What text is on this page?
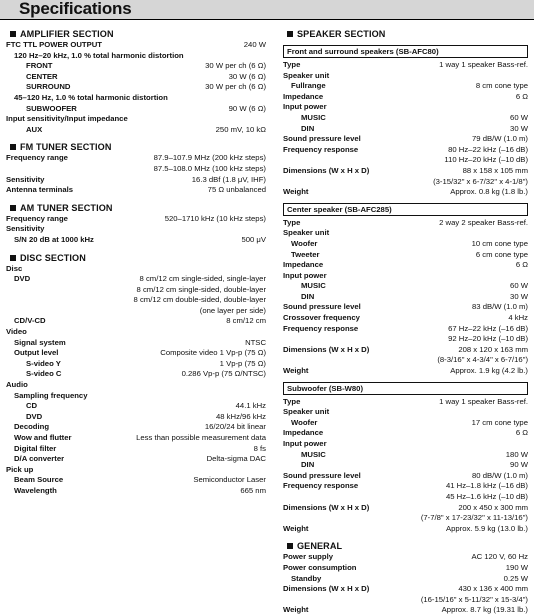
Specifications
AMPLIFIER SECTION
FTC TTL POWER OUTPUT	240 W
120 Hz–20 kHz, 1.0 % total harmonic distortion
FRONT	30 W per ch (6 Ω)
CENTER	30 W (6 Ω)
SURROUND	30 W per ch (6 Ω)
45–120 Hz, 1.0 % total harmonic distortion
SUBWOOFER	90 W (6 Ω)
Input sensitivity/Input impedance
AUX	250 mV, 10 kΩ
FM TUNER SECTION
Frequency range	87.9–107.9 MHz (200 kHz steps)
87.5–108.0 MHz (100 kHz steps)
Sensitivity	16.3 dBf (1.8 μV, IHF)
Antenna terminals	75 Ω unbalanced
AM TUNER SECTION
Frequency range	520–1710 kHz (10 kHz steps)
Sensitivity
S/N 20 dB at 1000 kHz	500 μV
DISC SECTION
Disc
DVD	8 cm/12 cm single-sided, single-layer
8 cm/12 cm single-sided, double-layer
8 cm/12 cm double-sided, double-layer
(one layer per side)
CD/V-CD	8 cm/12 cm
Video
Signal system	NTSC
Output level	Composite video 1 Vp-p (75 Ω)
S-video Y	1 Vp-p (75 Ω)
S-video C	0.286 Vp-p (75 Ω/NTSC)
Audio
Sampling frequency
CD	44.1 kHz
DVD	48 kHz/96 kHz
Decoding	16/20/24 bit linear
Wow and flutter	Less than possible measurement data
Digital filter	8 fs
D/A converter	Delta-sigma DAC
Pick up
Beam Source	Semiconductor Laser
Wavelength	665 nm
SPEAKER SECTION
Front and surround speakers (SB-AFC80)
Type	1 way 1 speaker Bass-ref.
Speaker unit
Fullrange	8 cm cone type
Impedance	6 Ω
Input power
MUSIC	60 W
DIN	30 W
Sound pressure level	79 dB/W (1.0 m)
Frequency response	80 Hz–22 kHz (–16 dB)
110 Hz–20 kHz (–10 dB)
Dimensions (W x H x D)	88 x 158 x 105 mm
(3-15/32" x 6-7/32" x 4-1/8")
Weight	Approx. 0.8 kg (1.8 lb.)
Center speaker (SB-AFC285)
Type	2 way 2 speaker Bass-ref.
Speaker unit
Woofer	10 cm cone type
Tweeter	6 cm cone type
Impedance	6 Ω
Input power
MUSIC	60 W
DIN	30 W
Sound pressure level	83 dB/W (1.0 m)
Crossover frequency	4 kHz
Frequency response	67 Hz–22 kHz (–16 dB)
92 Hz–20 kHz (–10 dB)
Dimensions (W x H x D)	208 x 120 x 163 mm
(8-3/16" x 4-3/4" x 6-7/16")
Weight	Approx. 1.9 kg (4.2 lb.)
Subwoofer (SB-W80)
Type	1 way 1 speaker Bass-ref.
Speaker unit
Woofer	17 cm cone type
Impedance	6 Ω
Input power
MUSIC	180 W
DIN	90 W
Sound pressure level	80 dB/W (1.0 m)
Frequency response	41 Hz–1.8 kHz (–16 dB)
45 Hz–1.6 kHz (–10 dB)
Dimensions (W x H x D)	200 x 450 x 300 mm
(7-7/8" x 17-23/32" x 11-13/16")
Weight	Approx. 5.9 kg (13.0 lb.)
GENERAL
Power supply	AC 120 V, 60 Hz
Power consumption	190 W
Standby	0.25 W
Dimensions (W x H x D)	430 x 136 x 400 mm
(16-15/16" x 5-11/32" x 15-3/4")
Weight	Approx. 8.7 kg (19.31 lb.)
